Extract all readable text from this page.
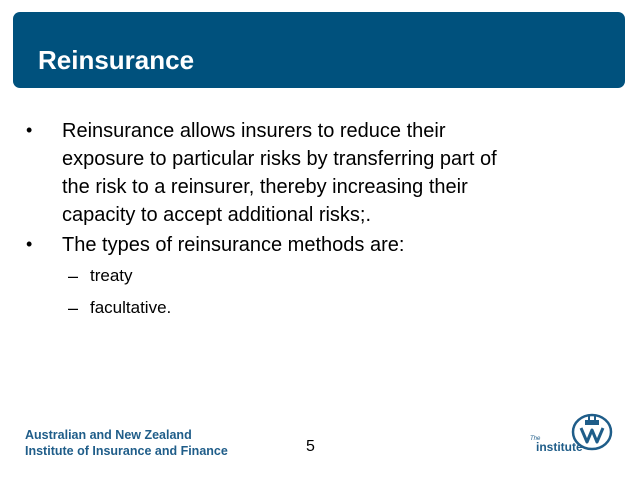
Reinsurance
• Reinsurance allows insurers to reduce their
exposure to particular risks by transferring part of
the risk to a reinsurer, thereby increasing their
capacity to accept additional risks;.
• The types of reinsurance methods are:
– treaty
– facultative.
Australian and New Zealand
Institute of Insurance and Finance	5	The
institute
